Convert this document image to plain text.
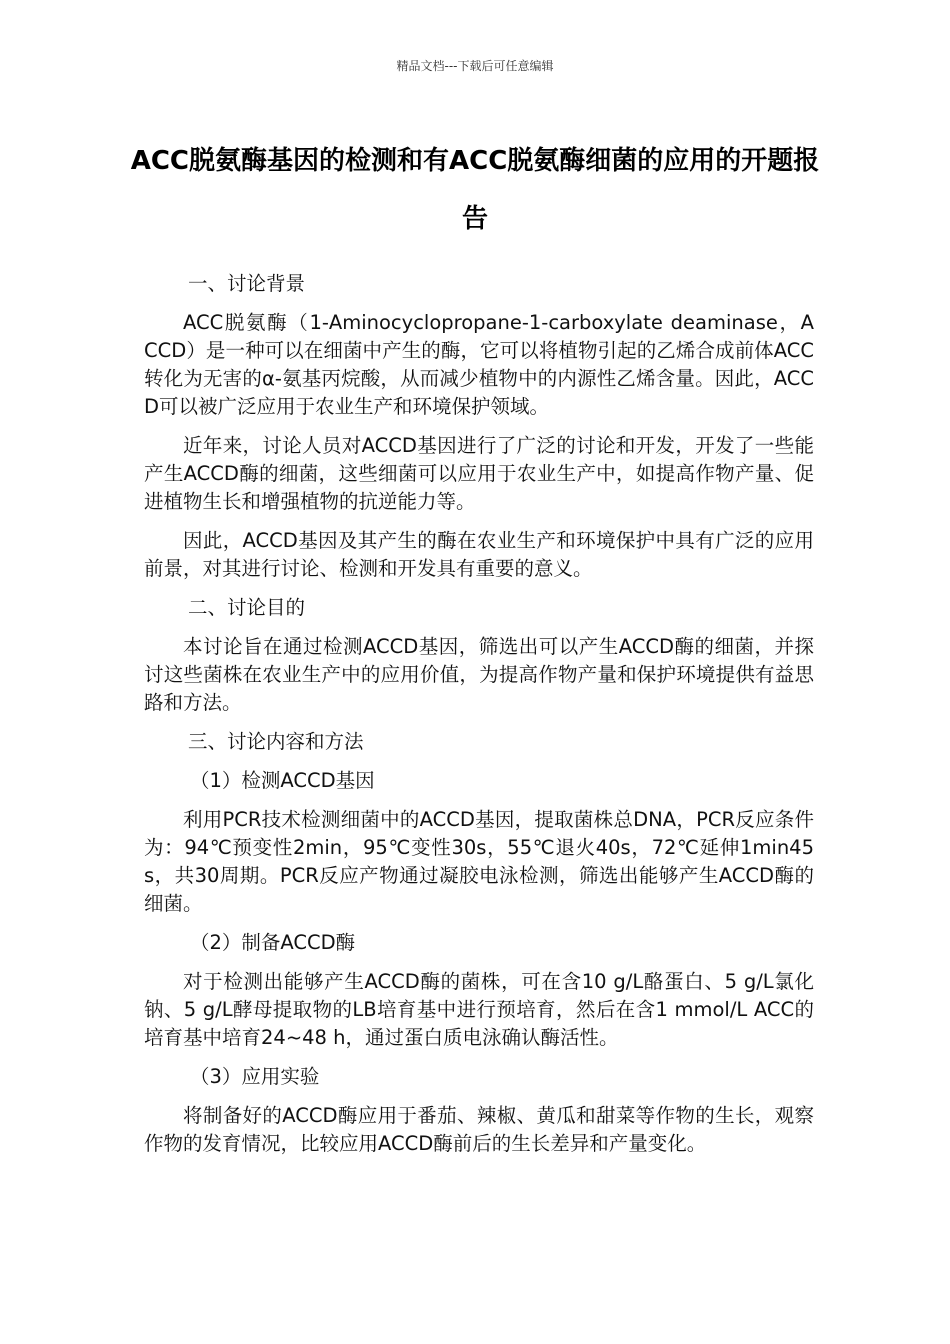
精品文档---下载后可任意编辑
ACC脱氨酶基因的检测和有ACC脱氨酶细菌的应用的开题报告

一、讨论背景

ACC脱氨酶（1-Aminocyclopropane-1-carboxylate deaminase，ACCD）是一种可以在细菌中产生的酶，它可以将植物引起的乙烯合成前体ACC转化为无害的α-氨基丙烷酸，从而减少植物中的内源性乙烯含量。因此，ACCD可以被广泛应用于农业生产和环境保护领域。

近年来，讨论人员对ACCD基因进行了广泛的讨论和开发，开发了一些能产生ACCD酶的细菌，这些细菌可以应用于农业生产中，如提高作物产量、促进植物生长和增强植物的抗逆能力等。

因此，ACCD基因及其产生的酶在农业生产和环境保护中具有广泛的应用前景，对其进行讨论、检测和开发具有重要的意义。

二、讨论目的

本讨论旨在通过检测ACCD基因，筛选出可以产生ACCD酶的细菌，并探讨这些菌株在农业生产中的应用价值，为提高作物产量和保护环境提供有益思路和方法。

三、讨论内容和方法

（1）检测ACCD基因

利用PCR技术检测细菌中的ACCD基因，提取菌株总DNA，PCR反应条件为：94℃预变性2min，95℃变性30s，55℃退火40s，72℃延伸1min45s，共30周期。PCR反应产物通过凝胶电泳检测，筛选出能够产生ACCD酶的细菌。

（2）制备ACCD酶

对于检测出能够产生ACCD酶的菌株，可在含10 g/L酪蛋白、5 g/L氯化钠、5 g/L酵母提取物的LB培育基中进行预培育，然后在含1 mmol/L ACC的培育基中培育24~48 h，通过蛋白质电泳确认酶活性。

（3）应用实验

将制备好的ACCD酶应用于番茄、辣椒、黄瓜和甜菜等作物的生长，观察作物的发育情况，比较应用ACCD酶前后的生长差异和产量变化。
